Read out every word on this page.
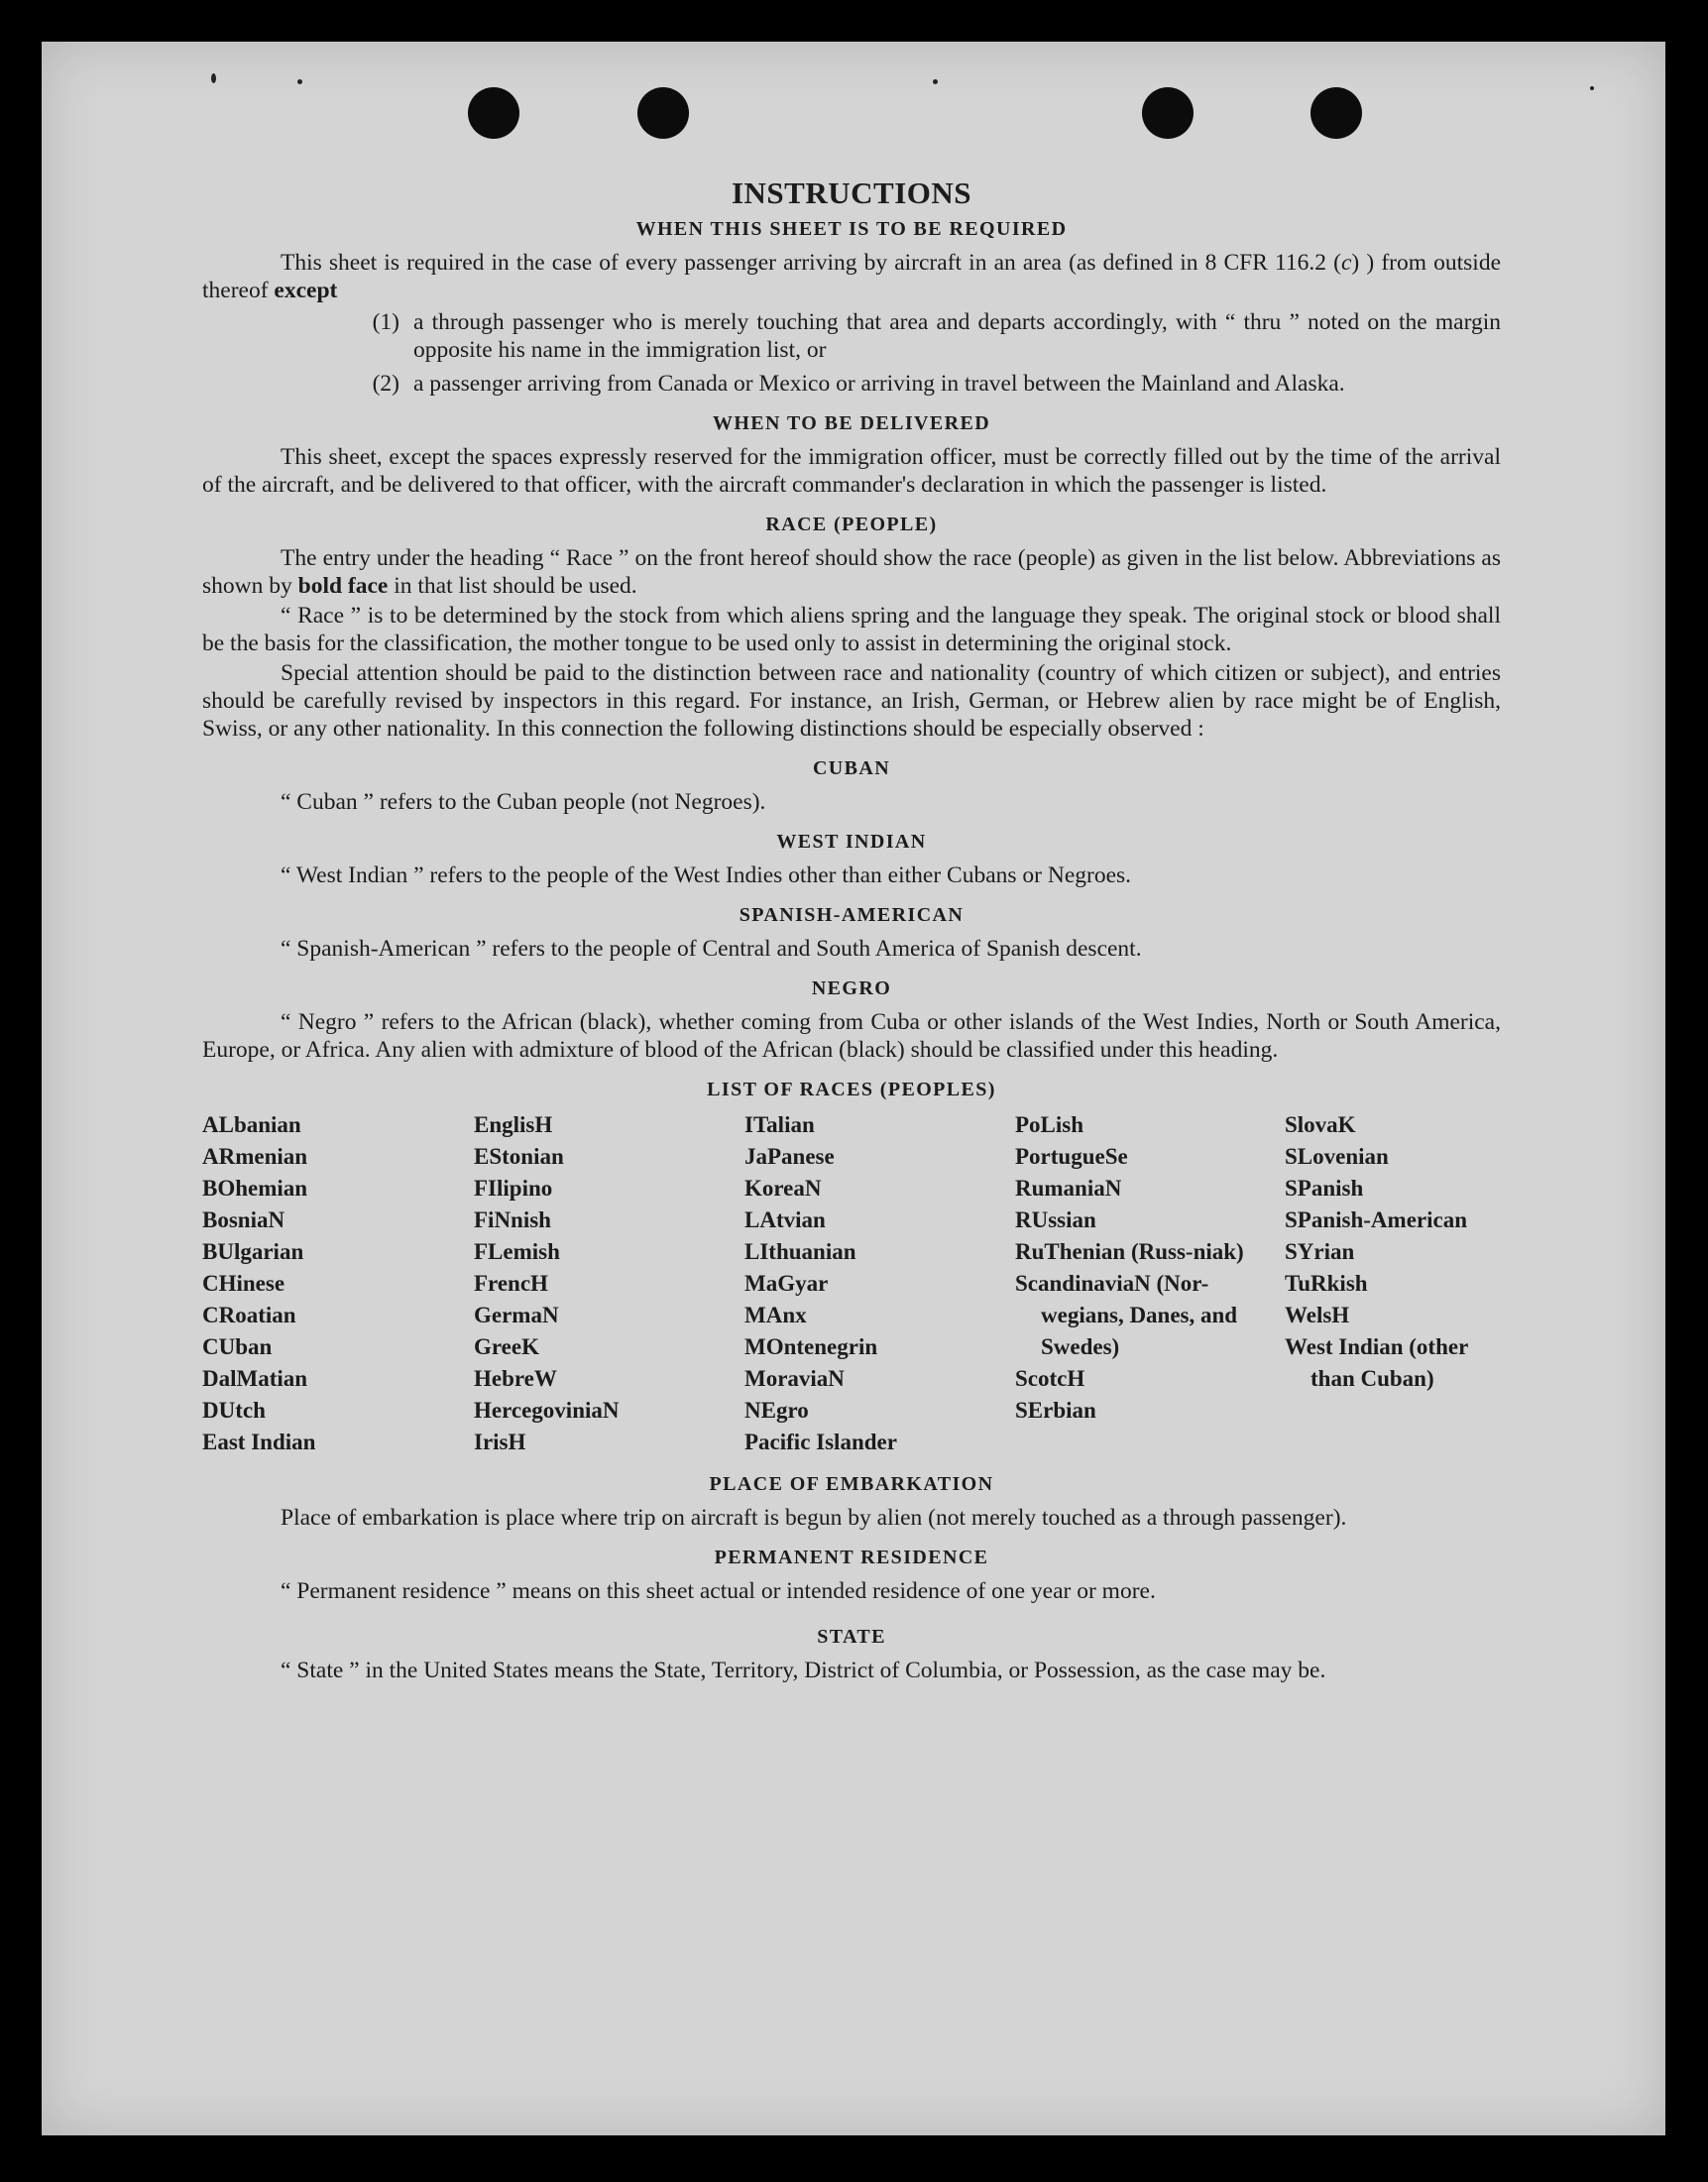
INSTRUCTIONS
WHEN THIS SHEET IS TO BE REQUIRED

This sheet is required in the case of every passenger arriving by aircraft in an area (as defined in 8 CFR 116.2 (c) ) from outside thereof except

(1) a through passenger who is merely touching that area and departs accordingly, with “ thru ” noted on the margin opposite his name in the immigration list, or
(2) a passenger arriving from Canada or Mexico or arriving in travel between the Mainland and Alaska.
WHEN TO BE DELIVERED

This sheet, except the spaces expressly reserved for the immigration officer, must be correctly filled out by the time of the arrival of the aircraft, and be delivered to that officer, with the aircraft commander's declaration in which the passenger is listed.

RACE (PEOPLE)

The entry under the heading “ Race ” on the front hereof should show the race (people) as given in the list below. Abbreviations as shown by bold face in that list should be used.

“ Race ” is to be determined by the stock from which aliens spring and the language they speak. The original stock or blood shall be the basis for the classification, the mother tongue to be used only to assist in determining the original stock.

Special attention should be paid to the distinction between race and nationality (country of which citizen or subject), and entries should be carefully revised by inspectors in this regard. For instance, an Irish, German, or Hebrew alien by race might be of English, Swiss, or any other nationality. In this connection the following distinctions should be especially observed :

CUBAN

“ Cuban ” refers to the Cuban people (not Negroes).

WEST INDIAN

“ West Indian ” refers to the people of the West Indies other than either Cubans or Negroes.

SPANISH-AMERICAN

“ Spanish-American ” refers to the people of Central and South America of Spanish descent.

NEGRO

“ Negro ” refers to the African (black), whether coming from Cuba or other islands of the West Indies, North or South America, Europe, or Africa. Any alien with admixture of blood of the African (black) should be classified under this heading.

LIST OF RACES (PEOPLES)
ALbanian
ARmenian
BOhemian
BosniaN
BUlgarian
CHinese
CRoatian
CUban
DalMatian
DUtch
East Indian
EnglisH
EStonian
FIlipino
FiNnish
FLemish
FrencH
GermaN
GreeK
HebreW
HercegoviniaN
IrisH
ITalian
JaPanese
KoreaN
LAtvian
LIthuanian
MaGyar
MAnx
MOntenegrin
MoraviaN
NEgro
Pacific Islander
PoLish
PortugueSe
RumaniaN
RUssian
RuThenian (Russ-niak)
ScandinaviaN (Nor-wegians, Danes, and Swedes)
ScotcH
SErbian
SlovaK
SLovenian
SPanish
SPanish-American
SYrian
TuRkish
WelsH
West Indian (other than Cuban)
PLACE OF EMBARKATION

Place of embarkation is place where trip on aircraft is begun by alien (not merely touched as a through passenger).

PERMANENT RESIDENCE

“ Permanent residence ” means on this sheet actual or intended residence of one year or more.

STATE

“ State ” in the United States means the State, Territory, District of Columbia, or Possession, as the case may be.
